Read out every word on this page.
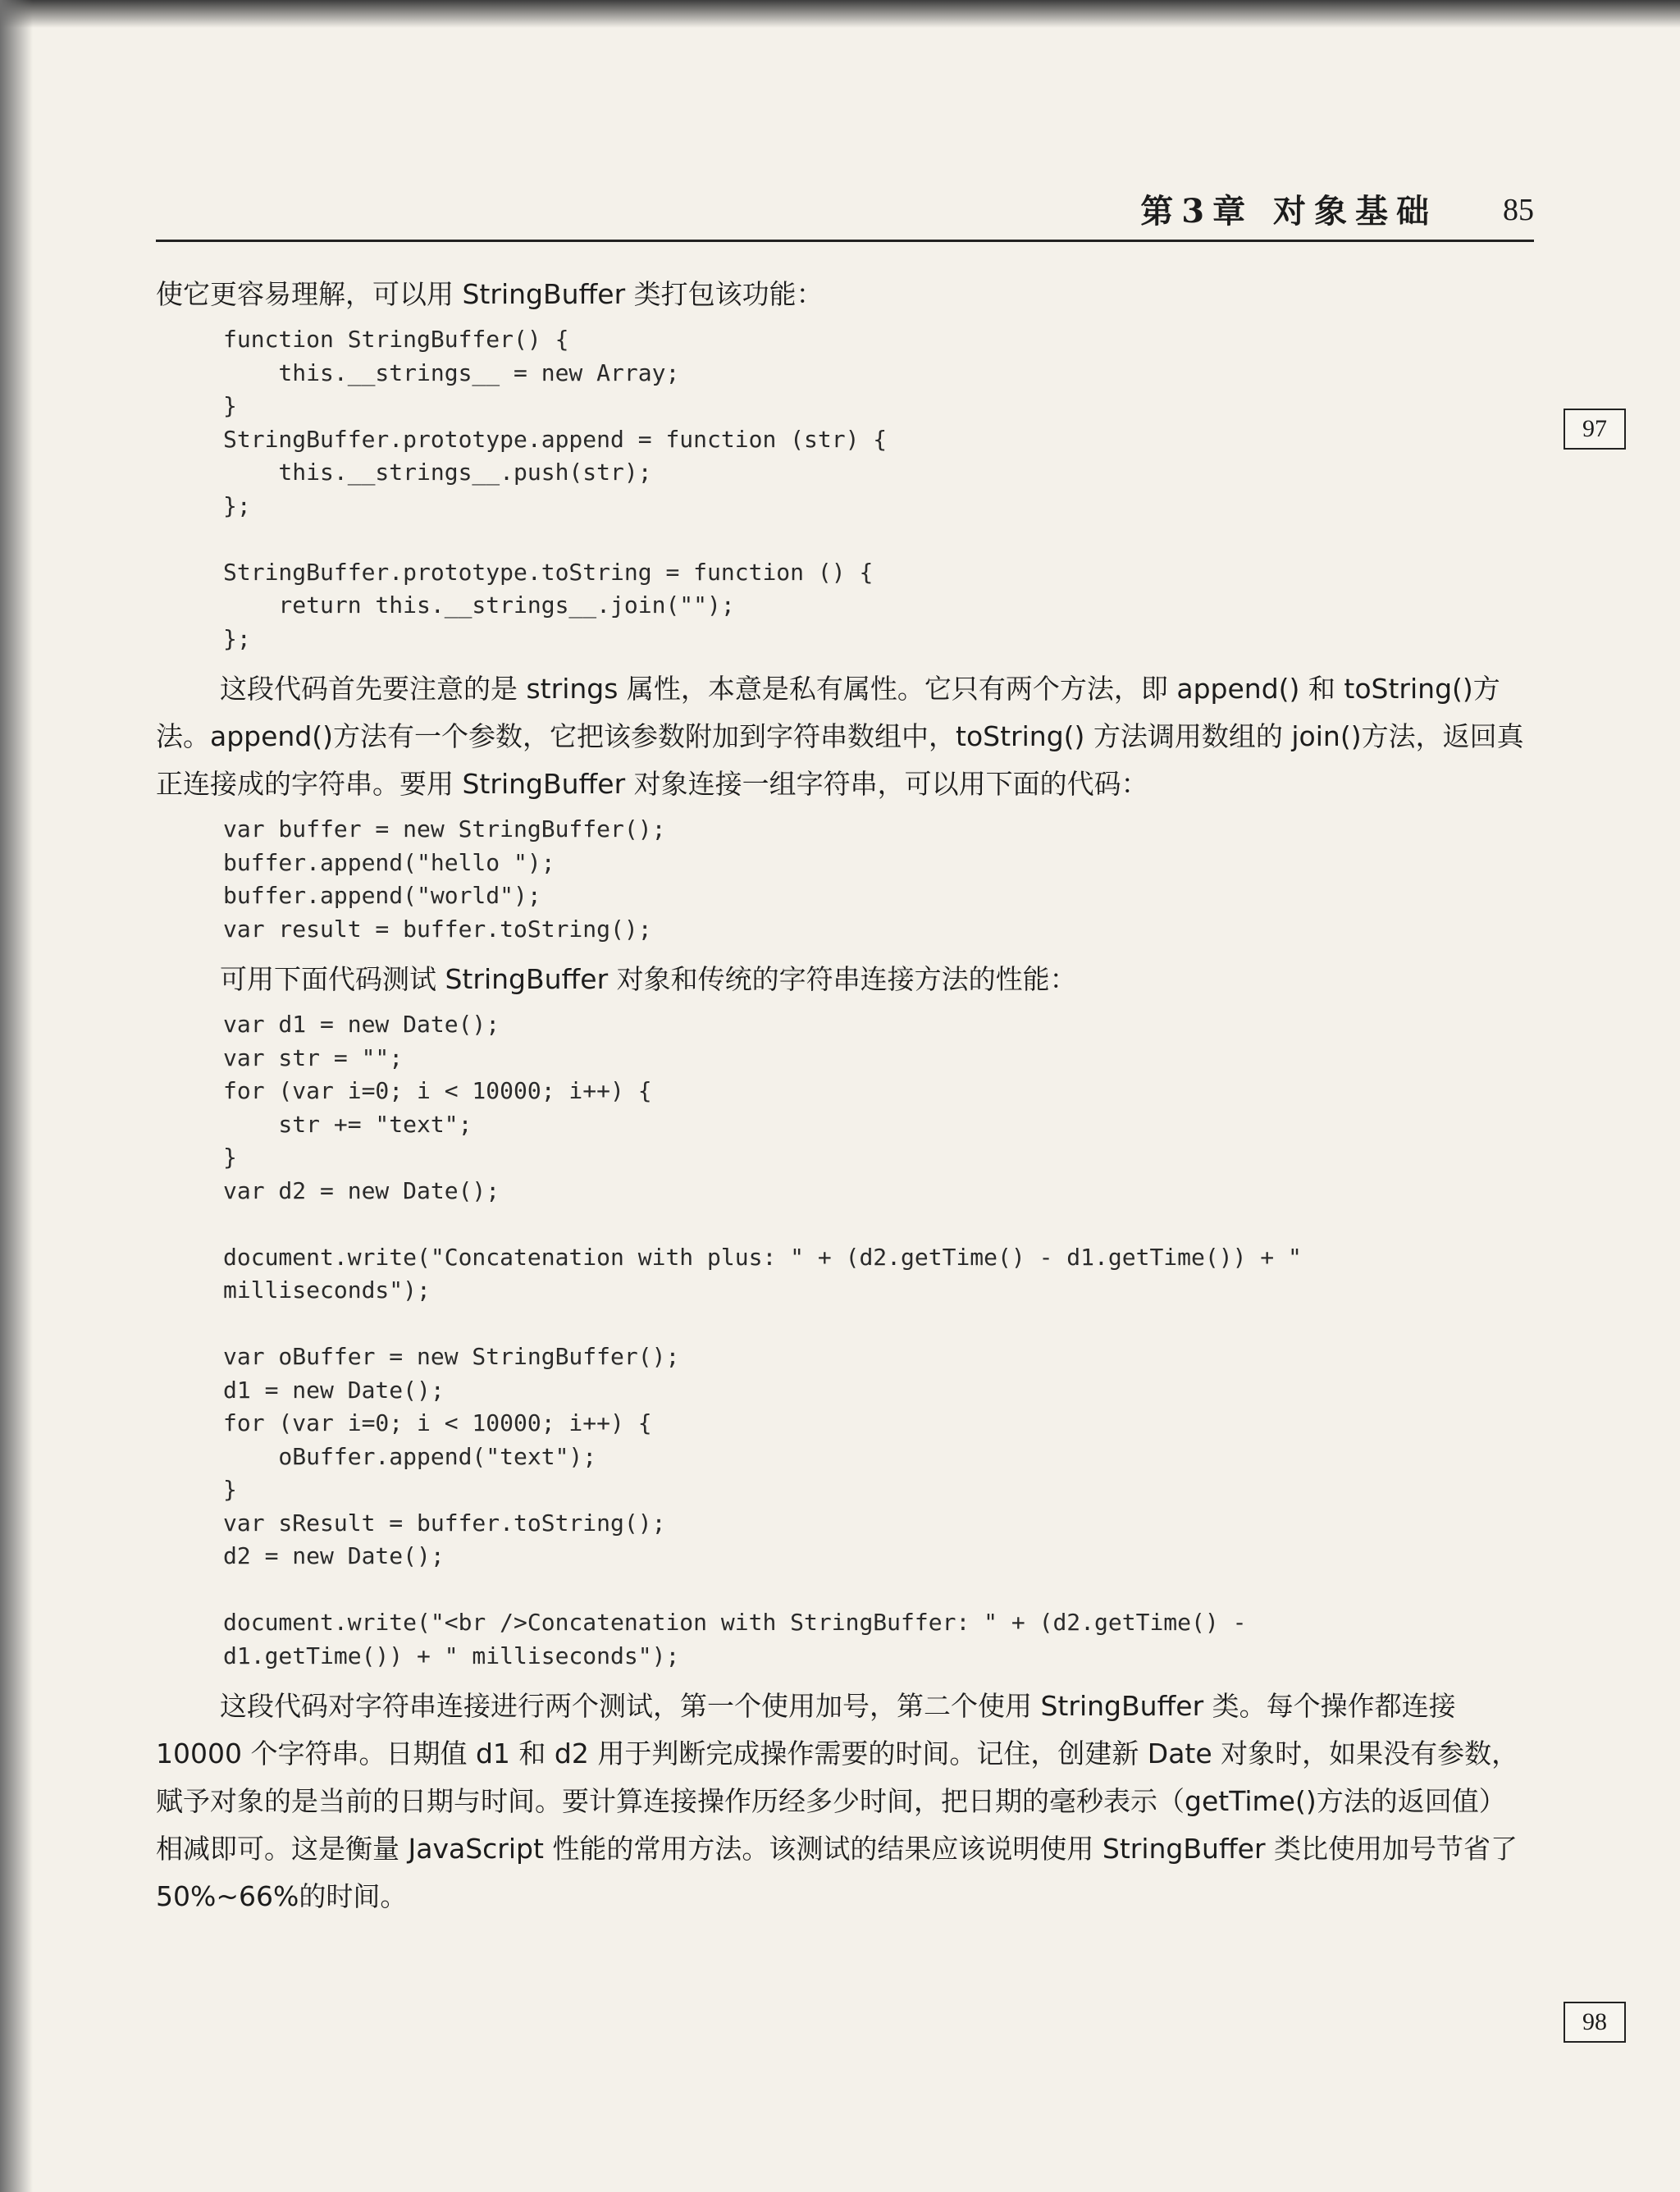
第3章 对象基础 85
97
98

使它更容易理解，可以用 StringBuffer 类打包该功能：

function StringBuffer() {
this.__strings__ = new Array;
}
StringBuffer.prototype.append = function (str) {
this.__strings__.push(str);
};

StringBuffer.prototype.toString = function () {
return this.__strings__.join("");
};

这段代码首先要注意的是 strings 属性，本意是私有属性。它只有两个方法，即 append() 和 toString()方法。append()方法有一个参数，它把该参数附加到字符串数组中，toString() 方法调用数组的 join()方法，返回真正连接成的字符串。要用 StringBuffer 对象连接一组字符串，可以用下面的代码：

var buffer = new StringBuffer();
buffer.append("hello ");
buffer.append("world");
var result = buffer.toString();

可用下面代码测试 StringBuffer 对象和传统的字符串连接方法的性能：

var d1 = new Date();
var str = "";
for (var i=0; i < 10000; i++) {
str += "text";
}
var d2 = new Date();

document.write("Concatenation with plus: " + (d2.getTime() - d1.getTime()) + "
milliseconds");

var oBuffer = new StringBuffer();
d1 = new Date();
for (var i=0; i < 10000; i++) {
oBuffer.append("text");
}
var sResult = buffer.toString();
d2 = new Date();

document.write("<br />Concatenation with StringBuffer: " + (d2.getTime() -
d1.getTime()) + " milliseconds");

这段代码对字符串连接进行两个测试，第一个使用加号，第二个使用 StringBuffer 类。每个操作都连接 10000 个字符串。日期值 d1 和 d2 用于判断完成操作需要的时间。记住，创建新 Date 对象时，如果没有参数，赋予对象的是当前的日期与时间。要计算连接操作历经多少时间，把日期的毫秒表示（getTime()方法的返回值）相减即可。这是衡量 JavaScript 性能的常用方法。该测试的结果应该说明使用 StringBuffer 类比使用加号节省了 50%~66%的时间。
